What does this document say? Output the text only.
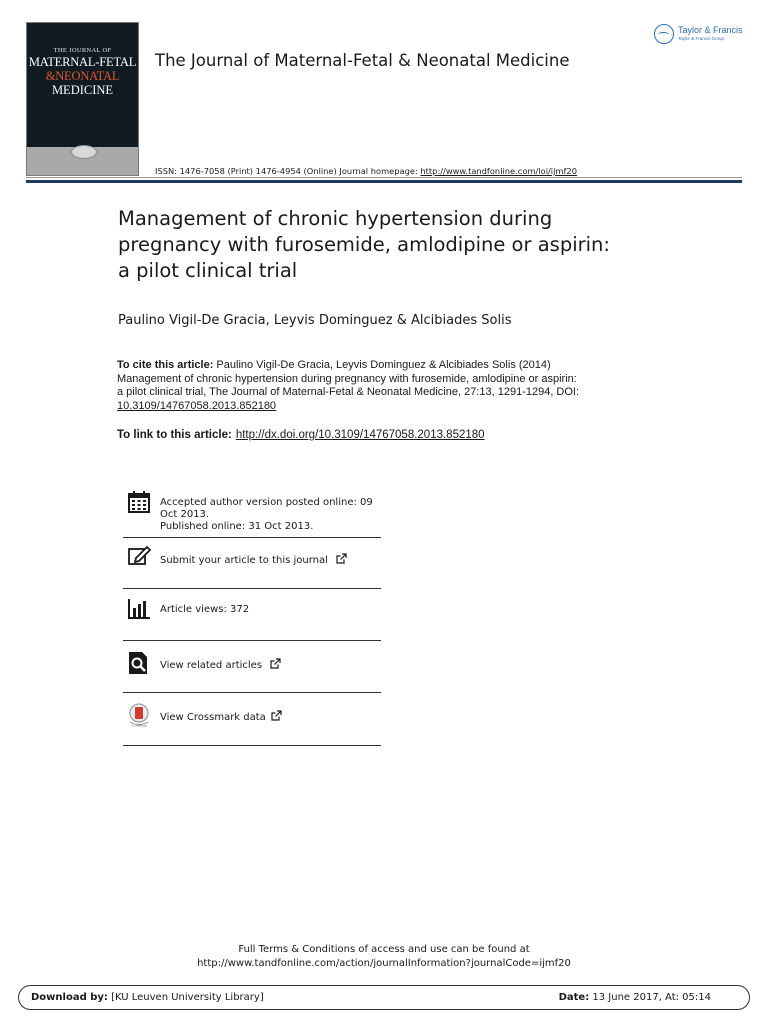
THE JOURNAL OF
MATERNAL-FETAL
&NEONATAL
MEDICINE
The Journal of Maternal-Fetal & Neonatal Medicine
Taylor & Francis
Taylor & Francis Group
ISSN: 1476-7058 (Print) 1476-4954 (Online) Journal homepage: http://www.tandfonline.com/loi/ijmf20
Management of chronic hypertension during
pregnancy with furosemide, amlodipine or aspirin:
a pilot clinical trial
Paulino Vigil-De Gracia, Leyvis Dominguez & Alcibiades Solis
To cite this article: Paulino Vigil-De Gracia, Leyvis Dominguez & Alcibiades Solis (2014)
Management of chronic hypertension during pregnancy with furosemide, amlodipine or aspirin:
a pilot clinical trial, The Journal of Maternal-Fetal & Neonatal Medicine, 27:13, 1291-1294, DOI:
10.3109/14767058.2013.852180
To link to this article: http://dx.doi.org/10.3109/14767058.2013.852180
Accepted author version posted online: 09
Oct 2013.
Published online: 31 Oct 2013.
Submit your article to this journal
Article views: 372
View related articles
CrossMark
View Crossmark data
Full Terms & Conditions of access and use can be found at
http://www.tandfonline.com/action/journalInformation?journalCode=ijmf20
Download by: [KU Leuven University Library]	Date: 13 June 2017, At: 05:14
